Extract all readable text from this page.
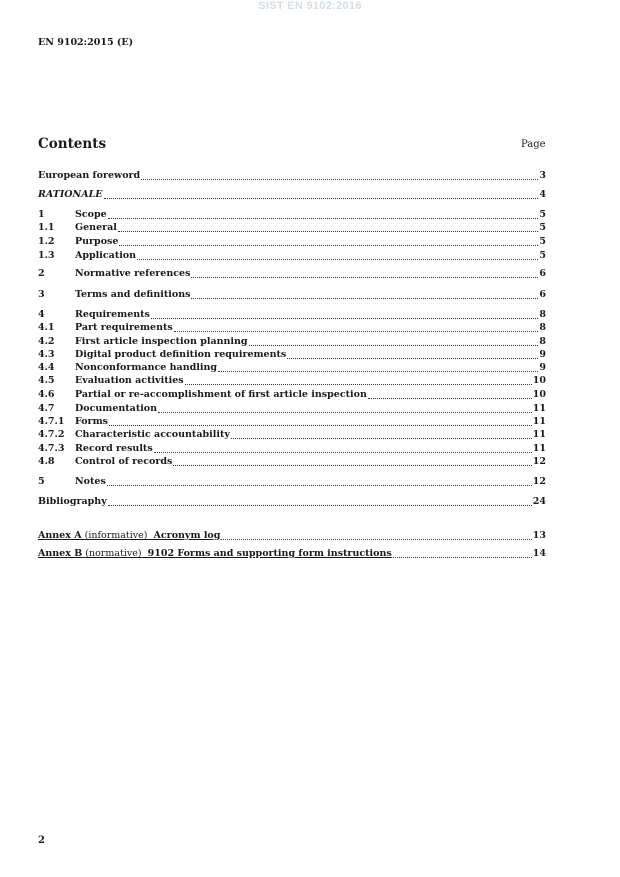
SIST EN 9102:2016
EN 9102:2015 (E)
Contents	Page
European foreword	3
RATIONALE	4
1	Scope	5
1.1	General	5
1.2	Purpose	5
1.3	Application	5
2	Normative references	6
3	Terms and definitions	6
4	Requirements	8
4.1	Part requirements	8
4.2	First article inspection planning	8
4.3	Digital product definition requirements	9
4.4	Nonconformance handling	9
4.5	Evaluation activities	10
4.6	Partial or re-accomplishment of first article inspection	10
4.7	Documentation	11
4.7.1	Forms	11
4.7.2	Characteristic accountability	11
4.7.3	Record results	11
4.8	Control of records	12
5	Notes	12
Bibliography	24
Annex A (informative) Acronym log	13
Annex B (normative) 9102 Forms and supporting form instructions	14
2
